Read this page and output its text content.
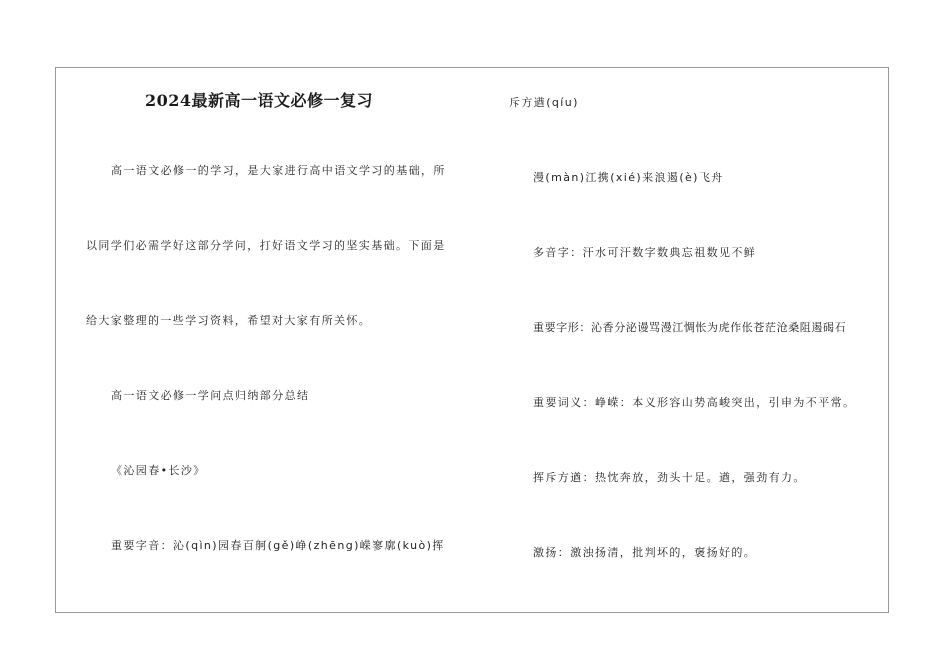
2024最新高一语文必修一复习
高一语文必修一的学习，是大家进行高中语文学习的基础，所
以同学们必需学好这部分学问，打好语文学习的坚实基础。下面是
给大家整理的一些学习资料，希望对大家有所关怀。
高一语文必修一学问点归纳部分总结
《沁园春•长沙》
重要字音：沁(qìn)园春百舸(gě)峥(zhēng)嵘寥廓(kuò)挥
斥方遒(qíu)
漫(màn)江携(xié)来浪遏(è)飞舟
多音字：汗水可汗数字数典忘祖数见不鲜
重要字形：沁香分泌谩骂漫江惆怅为虎作伥苍茫沧桑阻遏碣石
重要词义：峥嵘：本义形容山势高峻突出，引申为不平常。
挥斥方遒：热忱奔放，劲头十足。遒，强劲有力。
激扬：激浊扬清，批判坏的，褒扬好的。
